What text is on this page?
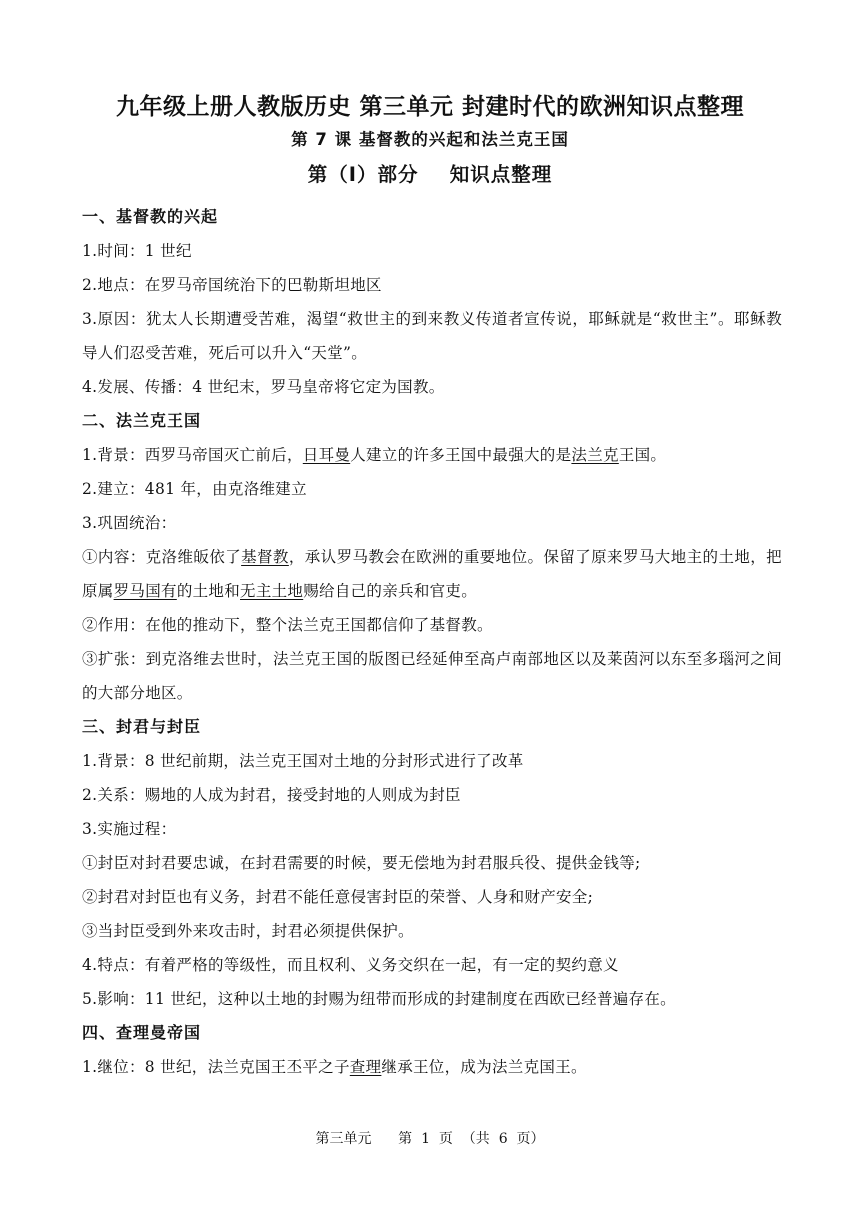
九年级上册人教版历史 第三单元 封建时代的欧洲知识点整理

第 7 课 基督教的兴起和法兰克王国

第（Ⅰ）部分    知识点整理

一、基督教的兴起

1.时间：1 世纪

2.地点：在罗马帝国统治下的巴勒斯坦地区

3.原因：犹太人长期遭受苦难，渴望“救世主的到来教义传道者宣传说，耶稣就是“救世主”。耶稣教导人们忍受苦难，死后可以升入“天堂”。

4.发展、传播：4 世纪末，罗马皇帝将它定为国教。

二、法兰克王国

1.背景：西罗马帝国灭亡前后，日耳曼人建立的许多王国中最强大的是法兰克王国。

2.建立：481 年，由克洛维建立

3.巩固统治：

①内容：克洛维皈依了基督教，承认罗马教会在欧洲的重要地位。保留了原来罗马大地主的土地，把原属罗马国有的土地和无主土地赐给自己的亲兵和官吏。

②作用：在他的推动下，整个法兰克王国都信仰了基督教。

③扩张：到克洛维去世时，法兰克王国的版图已经延伸至高卢南部地区以及莱茵河以东至多瑙河之间的大部分地区。

三、封君与封臣

1.背景：8 世纪前期，法兰克王国对土地的分封形式进行了改革

2.关系：赐地的人成为封君，接受封地的人则成为封臣

3.实施过程：

①封臣对封君要忠诚，在封君需要的时候，要无偿地为封君服兵役、提供金钱等;

②封君对封臣也有义务，封君不能任意侵害封臣的荣誉、人身和财产安全;

③当封臣受到外来攻击时，封君必须提供保护。

4.特点：有着严格的等级性，而且权利、义务交织在一起，有一定的契约意义

5.影响：11 世纪，这种以土地的封赐为纽带而形成的封建制度在西欧已经普遍存在。

四、查理曼帝国

1.继位：8 世纪，法兰克国王丕平之子查理继承王位，成为法兰克国王。

第三单元      第  1  页  （共  6  页）
